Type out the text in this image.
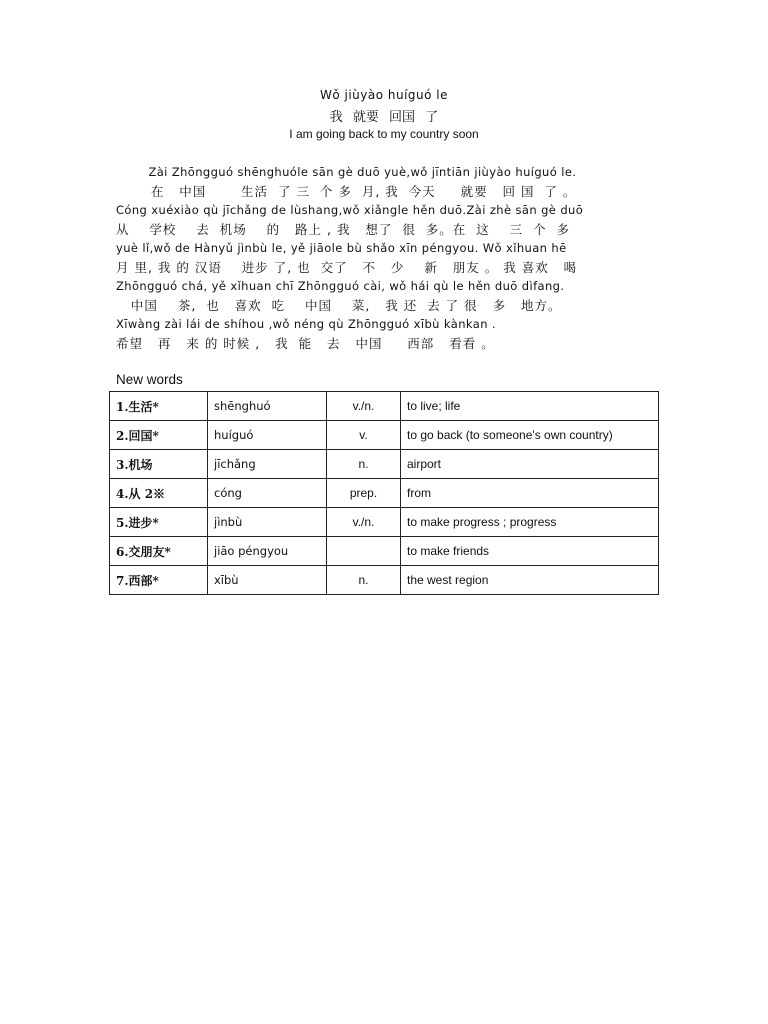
Wǒ jiùyào huíguó le
我 就要 回国 了
I am going back to my country soon
Zài Zhōngguó shēnghuóle sān gè duō yuè,wǒ jīntiān jiùyào huíguó le.
在   中国       生活  了 三  个 多  月, 我  今天     就要   回 国  了 。
Cóng xuéxiào qù jīchǎng de lùshang,wǒ xiǎngle hěn duō.Zài zhè sān gè duō
从    学校    去  机场    的   路上 , 我   想了  很  多。在  这    三  个  多
yuè lǐ,wǒ de Hànyǔ jìnbù le, yě jiāole bù shǎo xīn péngyou. Wǒ xǐhuan hē
月 里, 我 的 汉语    进步 了, 也  交了   不   少    新   朋友 。 我 喜欢   喝
Zhōngguó chá, yě xǐhuan chī Zhōngguó cài, wǒ hái qù le hěn duō dìfang.
中国    茶,  也   喜欢  吃    中国    菜,   我 还  去 了 很   多   地方。
Xīwàng zài lái de shíhou ,wǒ néng qù Zhōngguó xībù kànkan .
希望   再   来 的 时候 ,   我  能   去   中国     西部   看看 。
New words
1.生活*	shēnghuó	v./n.	to live; life
2.回国*	huíguó	v.	to go back (to someone's own country)
3.机场	jīchǎng	n.	airport
4.从 2※	cóng	prep.	from
5.进步*	jìnbù	v./n.	to make progress ; progress
6.交朋友*	jiāo péngyou		to make friends
7.西部*	xībù	n.	the west region
